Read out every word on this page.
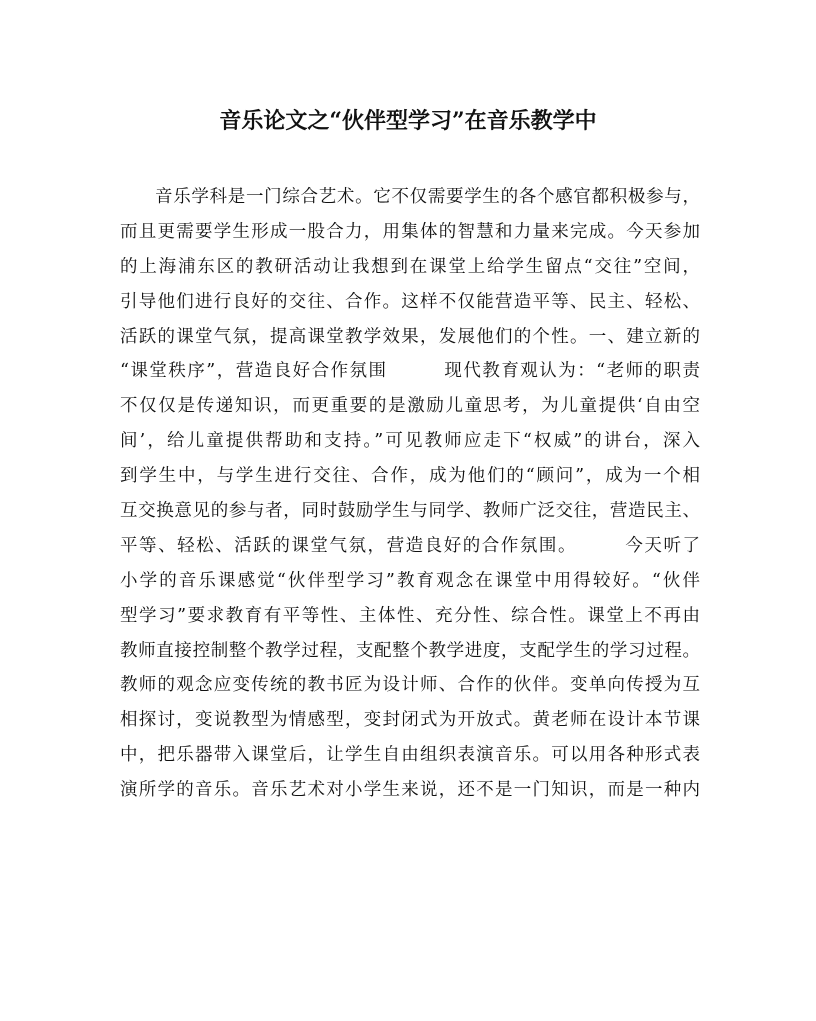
音乐论文之“伙伴型学习”在音乐教学中
音乐学科是一门综合艺术。它不仅需要学生的各个感官都积极参与，
而且更需要学生形成一股合力，用集体的智慧和力量来完成。今天参加
的上海浦东区的教研活动让我想到在课堂上给学生留点“交往”空间，
引导他们进行良好的交往、合作。这样不仅能营造平等、民主、轻松、
活跃的课堂气氛，提高课堂教学效果，发展他们的个性。一、建立新的
“课堂秩序”，营造良好合作氛围　　　现代教育观认为：“老师的职责
不仅仅是传递知识，而更重要的是激励儿童思考，为儿童提供‘自由空
间’，给儿童提供帮助和支持。”可见教师应走下“权威”的讲台，深入
到学生中，与学生进行交往、合作，成为他们的“顾问”，成为一个相
互交换意见的参与者，同时鼓励学生与同学、教师广泛交往，营造民主、
平等、轻松、活跃的课堂气氛，营造良好的合作氛围。　　　今天听了
小学的音乐课感觉“伙伴型学习”教育观念在课堂中用得较好。“伙伴
型学习”要求教育有平等性、主体性、充分性、综合性。课堂上不再由
教师直接控制整个教学过程，支配整个教学进度，支配学生的学习过程。
教师的观念应变传统的教书匠为设计师、合作的伙伴。变单向传授为互
相探讨，变说教型为情感型，变封闭式为开放式。黄老师在设计本节课
中，把乐器带入课堂后，让学生自由组织表演音乐。可以用各种形式表
演所学的音乐。音乐艺术对小学生来说，还不是一门知识，而是一种内
